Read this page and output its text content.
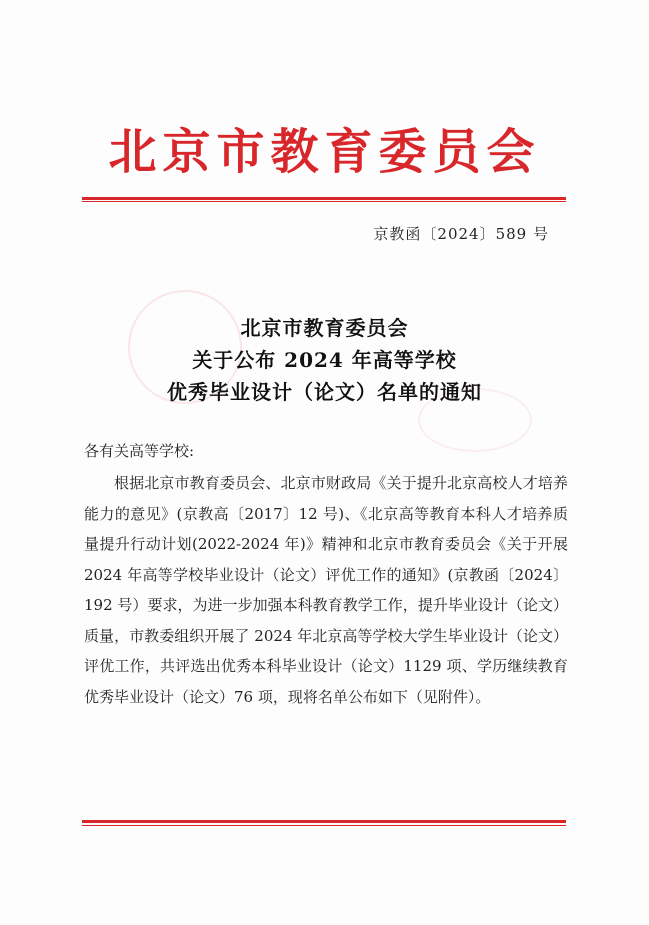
北京市教育委员会
京教函〔2024〕589 号
北京市教育委员会
关于公布 2024 年高等学校
优秀毕业设计（论文）名单的通知
各有关高等学校:

根据北京市教育委员会、北京市财政局《关于提升北京高校人才培养能力的意见》(京教高〔2017〕12 号)、《北京高等教育本科人才培养质量提升行动计划(2022-2024 年)》精神和北京市教育委员会《关于开展 2024 年高等学校毕业设计（论文）评优工作的通知》(京教函〔2024〕192 号）要求，为进一步加强本科教育教学工作，提升毕业设计（论文）质量，市教委组织开展了 2024 年北京高等学校大学生毕业设计（论文）评优工作，共评选出优秀本科毕业设计（论文）1129 项、学历继续教育优秀毕业设计（论文）76 项，现将名单公布如下（见附件）。
